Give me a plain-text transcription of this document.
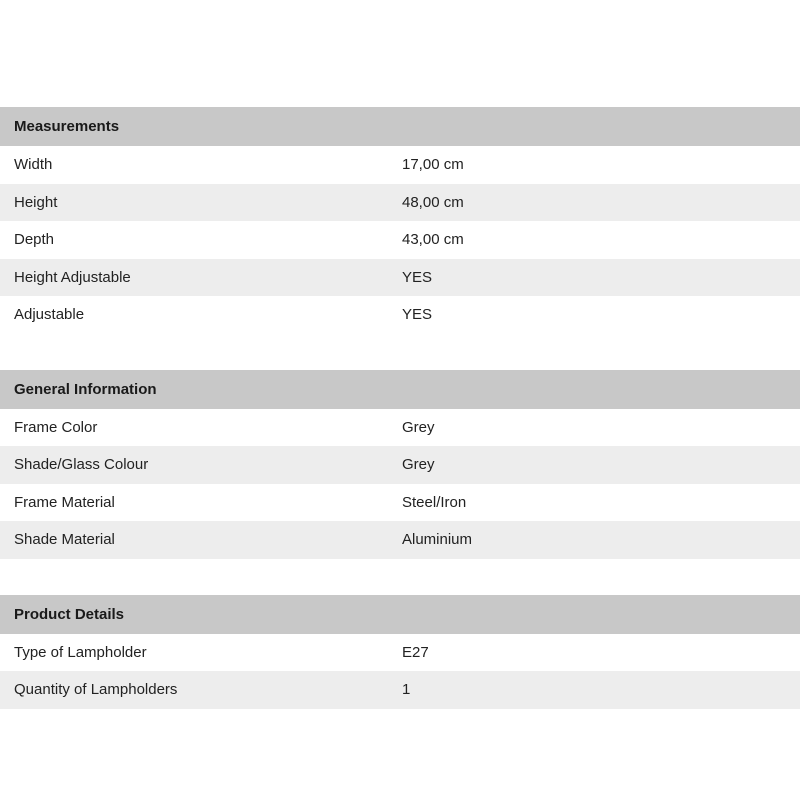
Measurements
Width	17,00 cm
Height	48,00 cm
Depth	43,00 cm
Height Adjustable	YES
Adjustable	YES
General Information
Frame Color	Grey
Shade/Glass Colour	Grey
Frame Material	Steel/Iron
Shade Material	Aluminium
Product Details
Type of Lampholder	E27
Quantity of Lampholders	1
